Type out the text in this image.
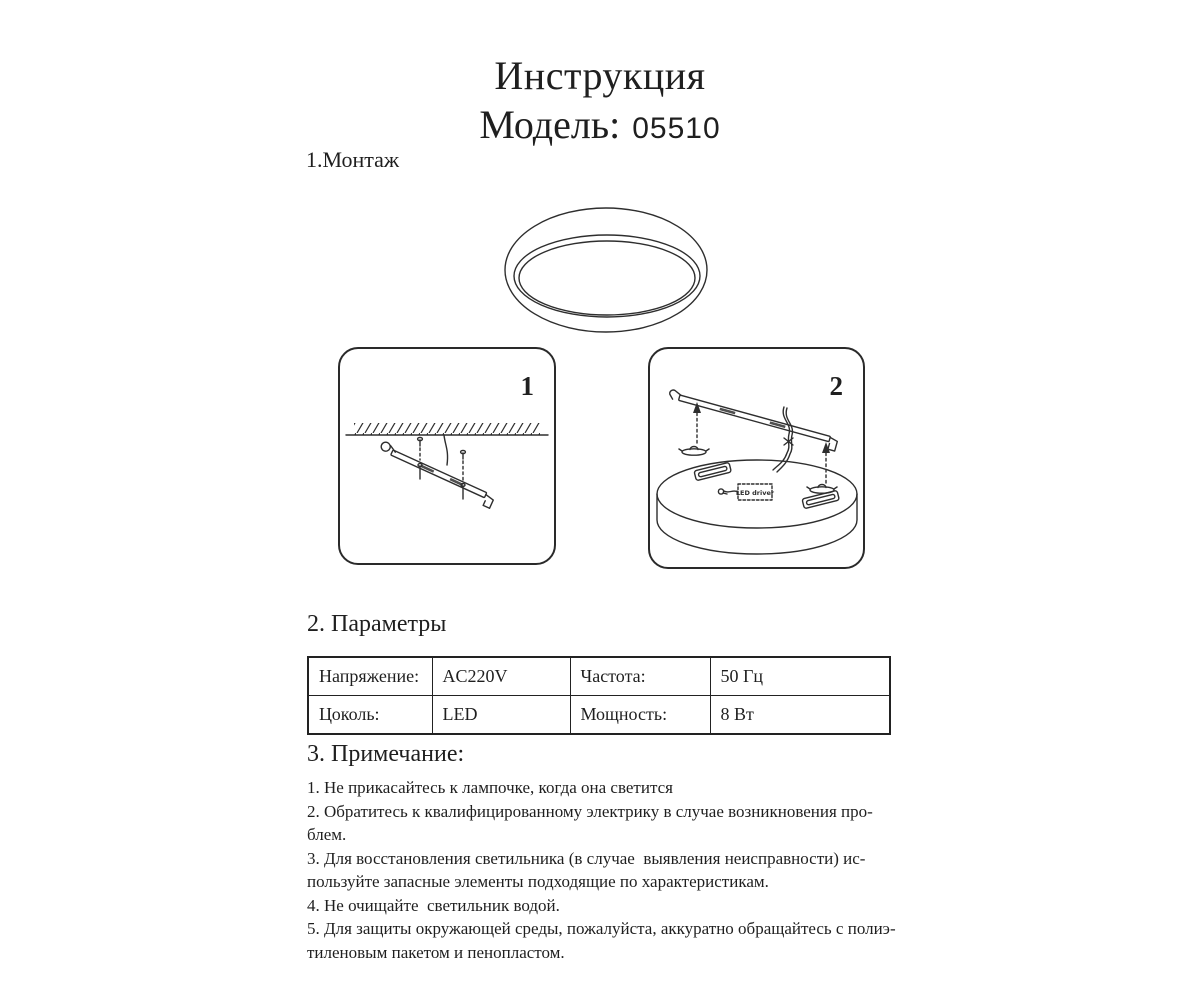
Инструкция
Модель: 05510
1.Монтаж
1	2
LED driver
2. Параметры
Напряжение:	AC220V	Частота:	50 Гц
Цоколь:	LED	Мощность:	8 Вт
3. Примечание:
1. Не прикасайтесь к лампочке, когда она светится
2. Обратитесь к квалифицированному электрику в случае возникновения про-
блем.
3. Для восстановления светильника (в случае  выявления неисправности) ис-
пользуйте запасные элементы подходящие по характеристикам.
4. Не очищайте  светильник водой.
5. Для защиты окружающей среды, пожалуйста, аккуратно обращайтесь с полиэ-
тиленовым пакетом и пенопластом.
